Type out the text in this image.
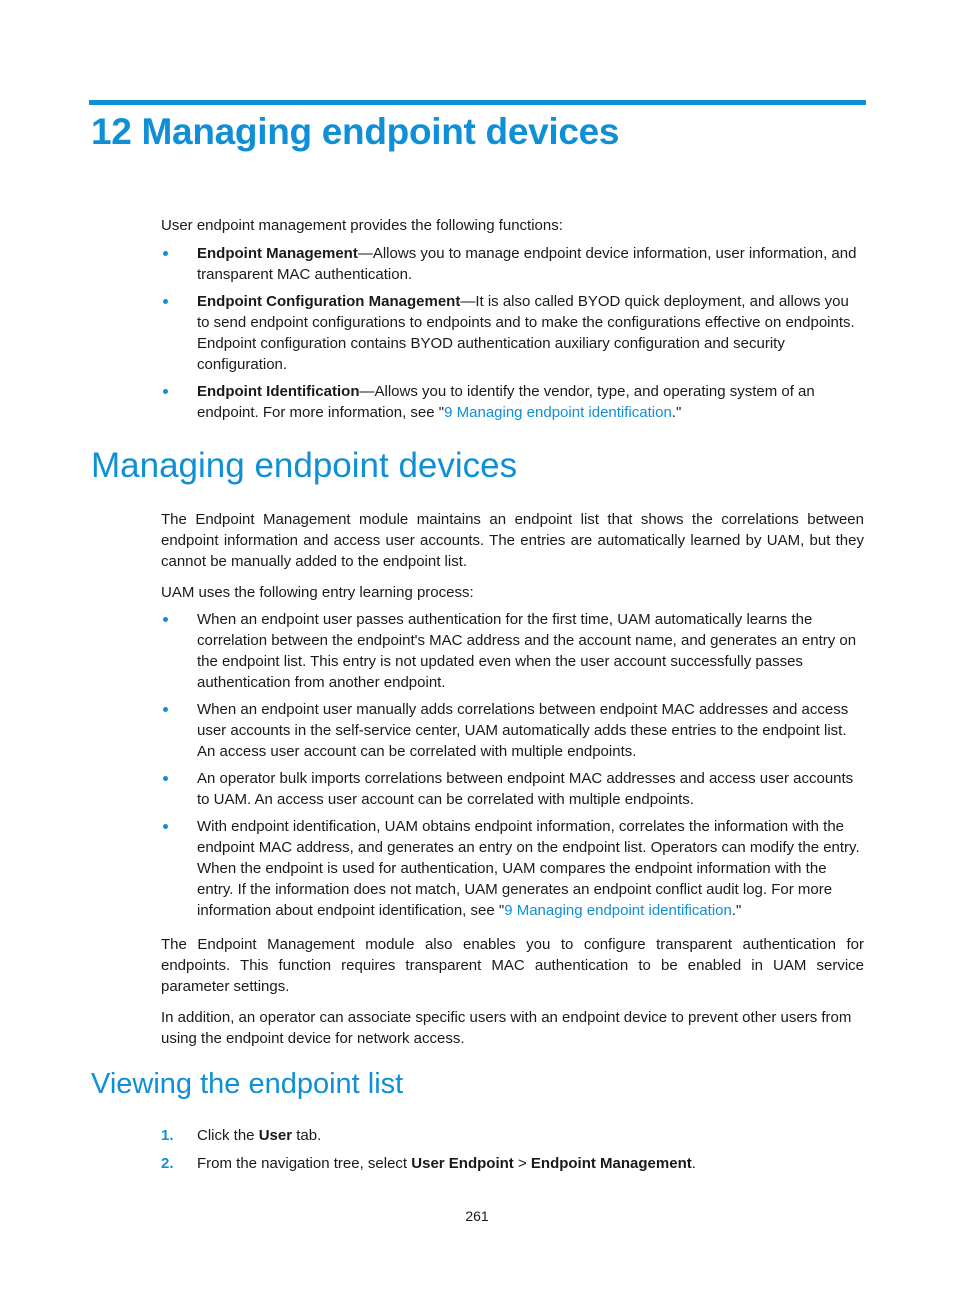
12 Managing endpoint devices

User endpoint management provides the following functions:

Endpoint Management—Allows you to manage endpoint device information, user information, and transparent MAC authentication.
Endpoint Configuration Management—It is also called BYOD quick deployment, and allows you to send endpoint configurations to endpoints and to make the configurations effective on endpoints. Endpoint configuration contains BYOD authentication auxiliary configuration and security configuration.
Endpoint Identification—Allows you to identify the vendor, type, and operating system of an endpoint. For more information, see "9 Managing endpoint identification."
Managing endpoint devices

The Endpoint Management module maintains an endpoint list that shows the correlations between endpoint information and access user accounts. The entries are automatically learned by UAM, but they cannot be manually added to the endpoint list.

UAM uses the following entry learning process:

When an endpoint user passes authentication for the first time, UAM automatically learns the correlation between the endpoint's MAC address and the account name, and generates an entry on the endpoint list. This entry is not updated even when the user account successfully passes authentication from another endpoint.
When an endpoint user manually adds correlations between endpoint MAC addresses and access user accounts in the self-service center, UAM automatically adds these entries to the endpoint list. An access user account can be correlated with multiple endpoints.
An operator bulk imports correlations between endpoint MAC addresses and access user accounts to UAM. An access user account can be correlated with multiple endpoints.
With endpoint identification, UAM obtains endpoint information, correlates the information with the endpoint MAC address, and generates an entry on the endpoint list. Operators can modify the entry. When the endpoint is used for authentication, UAM compares the endpoint information with the entry. If the information does not match, UAM generates an endpoint conflict audit log. For more information about endpoint identification, see "9 Managing endpoint identification."

The Endpoint Management module also enables you to configure transparent authentication for endpoints. This function requires transparent MAC authentication to be enabled in UAM service parameter settings.

In addition, an operator can associate specific users with an endpoint device to prevent other users from using the endpoint device for network access.

Viewing the endpoint list
1. Click the User tab.
2. From the navigation tree, select User Endpoint > Endpoint Management.
261
